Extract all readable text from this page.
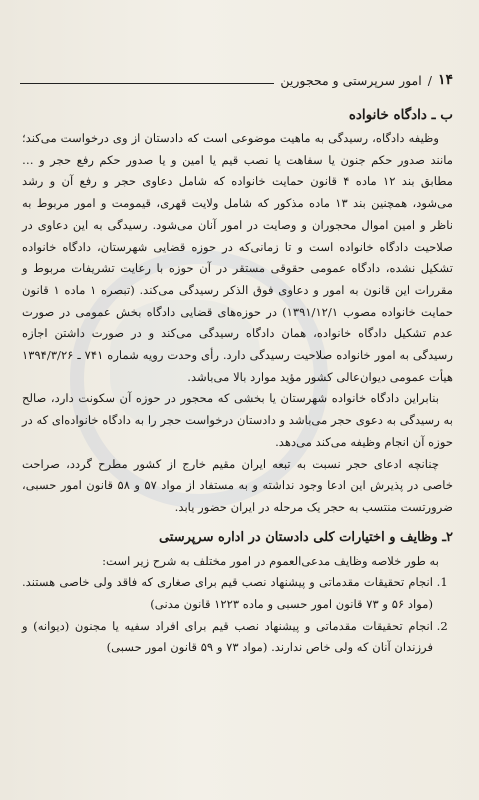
۱۴
/
امور سرپرستی و محجورین
ب ـ دادگاه خانواده

وظیفه دادگاه، رسیدگی به ماهیت موضوعی است که دادستان از وی درخواست می‌کند؛ مانند صدور حکم جنون یا سفاهت یا نصب قیم یا امین و یا صدور حکم رفع حجر و … مطابق بند ۱۲ ماده ۴ قانون حمایت خانواده که شامل دعاوی حجر و رفع آن و رشد می‌شود، همچنین بند ۱۳ ماده مذکور که شامل ولایت قهری، قیمومت و امور مربوط به ناظر و امین اموال محجوران و وصایت در امور آنان می‌شود. رسیدگی به این دعاوی در صلاحیت دادگاه خانواده است و تا زمانی‌که در حوزه قضایی شهرستان، دادگاه خانواده تشکیل نشده، دادگاه عمومی حقوقی مستقر در آن حوزه با رعایت تشریفات مربوط و مقررات این قانون به امور و دعاوی فوق الذکر رسیدگی می‌کند. (تبصره ۱ ماده ۱ قانون حمایت خانواده مصوب ۱۳۹۱/۱۲/۱) در حوزه‌های قضایی دادگاه بخش عمومی در صورت عدم تشکیل دادگاه خانواده، همان دادگاه رسیدگی می‌کند و در صورت داشتن اجازه رسیدگی به امور خانواده صلاحیت رسیدگی دارد. رأی وحدت رویه شماره ۷۴۱ ـ ۱۳۹۴/۳/۲۶ هیأت عمومی دیوان‌عالی کشور مؤید موارد بالا می‌باشد.

بنابراین دادگاه خانواده شهرستان یا بخشی که محجور در حوزه آن سکونت دارد، صالح به رسیدگی به دعوی حجر می‌باشد و دادستان درخواست حجر را به دادگاه خانواده‌ای که در حوزه آن انجام وظیفه می‌کند می‌دهد.

چنانچه ادعای حجر نسبت به تبعه ایران مقیم خارج از کشور مطرح گردد، صراحت خاصی در پذیرش این ادعا وجود نداشته و به مستفاد از مواد ۵۷ و ۵۸ قانون امور حسبی، ضرورتست منتسب به حجر یک مرحله در ایران حضور یابد.

۲ـ وظایف و اختیارات کلی دادستان در اداره سرپرستی

به طور خلاصه وظایف مدعی‌العموم در امور مختلف به شرح زیر است:

1. انجام تحقیقات مقدماتی و پیشنهاد نصب قیم برای صغاری که فاقد ولی خاصی هستند. (مواد ۵۶ و ۷۳ قانون امور حسبی و ماده ۱۲۲۳ قانون مدنی)
2. انجام تحقیقات مقدماتی و پیشنهاد نصب قیم برای افراد سفیه یا مجنون (دیوانه) و فرزندان آنان که ولی خاص ندارند. (مواد ۷۳ و ۵۹ قانون امور حسبی)
